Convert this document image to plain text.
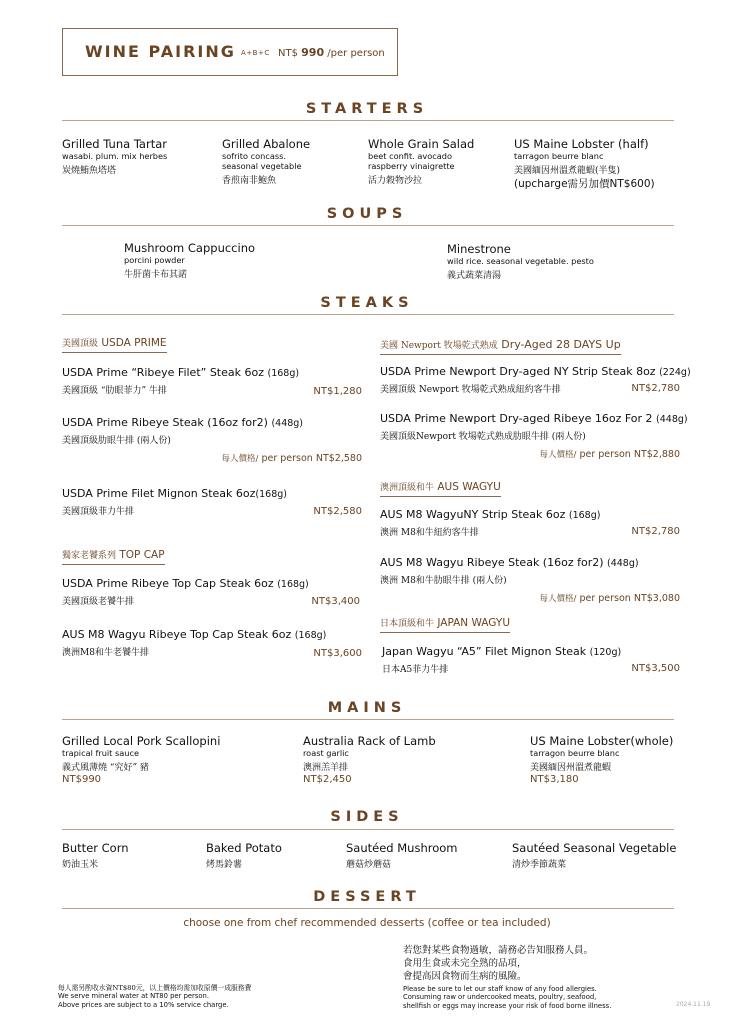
WINE PAIRING A+B+C NT$ 990 /per person
STARTERS
Grilled Tuna Tartar
wasabi. plum. mix herbes
炭燒鮪魚塔塔
Grilled Abalone
sofrito concass.
seasonal vegetable
香煎南非鮑魚
Whole Grain Salad
beet confit. avocado
raspberry vinaigrette
活力穀物沙拉
US Maine Lobster (half)
tarragon beurre blanc
美國緬因州溫煮龍蝦(半隻)
(upcharge需另加價NT$600)
SOUPS
Mushroom Cappuccino
porcini powder
牛肝菌卡布其諾
Minestrone
wild rice. seasonal vegetable. pesto
義式蔬菜清湯
STEAKS
美國頂級 USDA PRIME
USDA Prime “Ribeye Filet” Steak 6oz (168g)
美國頂級 “肋眼菲力” 牛排	NT$1,280
USDA Prime Ribeye Steak (16oz for2) (448g)
美國頂級肋眼牛排 (兩人份)
每人價格/ per person NT$2,580
USDA Prime Filet Mignon Steak 6oz(168g)
美國頂級菲力牛排	NT$2,580
獨家老饕系列 TOP CAP
USDA Prime Ribeye Top Cap Steak 6oz (168g)
美國頂級老饕牛排	NT$3,400
AUS M8 Wagyu Ribeye Top Cap Steak 6oz (168g)
澳洲M8和牛老饕牛排	NT$3,600
美國 Newport 牧場乾式熟成 Dry-Aged 28 DAYS Up
USDA Prime Newport Dry-aged NY Strip Steak 8oz (224g)
美國頂級 Newport 牧場乾式熟成紐約客牛排	NT$2,780
USDA Prime Newport Dry-aged Ribeye 16oz For 2 (448g)
美國頂級Newport 牧場乾式熟成肋眼牛排 (兩人份)
每人價格/ per person NT$2,880
澳洲頂級和牛 AUS WAGYU
AUS M8 WagyuNY Strip Steak 6oz (168g)
澳洲 M8和牛紐約客牛排	NT$2,780
AUS M8 Wagyu Ribeye Steak (16oz for2) (448g)
澳洲 M8和牛肋眼牛排 (兩人份)
每人價格/ per person NT$3,080
日本頂級和牛 JAPAN WAGYU
Japan Wagyu “A5” Filet Mignon Steak (120g)
日本A5菲力牛排	NT$3,500
MAINS
Grilled Local Pork Scallopini
trapical fruit sauce
義式風薄燒 “究好” 豬
NT$990
Australia Rack of Lamb
roast garlic
澳洲羔羊排
NT$2,450
US Maine Lobster(whole)
tarragon beurre blanc
美國緬因州溫煮龍蝦
NT$3,180
SIDES
Butter Corn
奶油玉米
Baked Potato
烤馬鈴薯
Sautéed Mushroom
蘑菇炒蘑菇
Sautéed Seasonal Vegetable
清炒季節蔬菜
DESSERT
choose one from chef recommended desserts (coffee or tea included)
若您對某些食物過敏，請務必告知服務人員。
食用生食或未完全熟的品項，
會提高因食物而生病的風險。
Please be sure to let our staff know of any food allergies.
Consuming raw or undercooked meats, poultry, seafood,
shellfish or eggs may increase your risk of food borne illness.
每人需另酌收水資NT$80元，以上價格均需加收原價一成服務費
We serve mineral water at NT80 per person.
Above prices are subject to a 10% service charge.	2024.11.19
